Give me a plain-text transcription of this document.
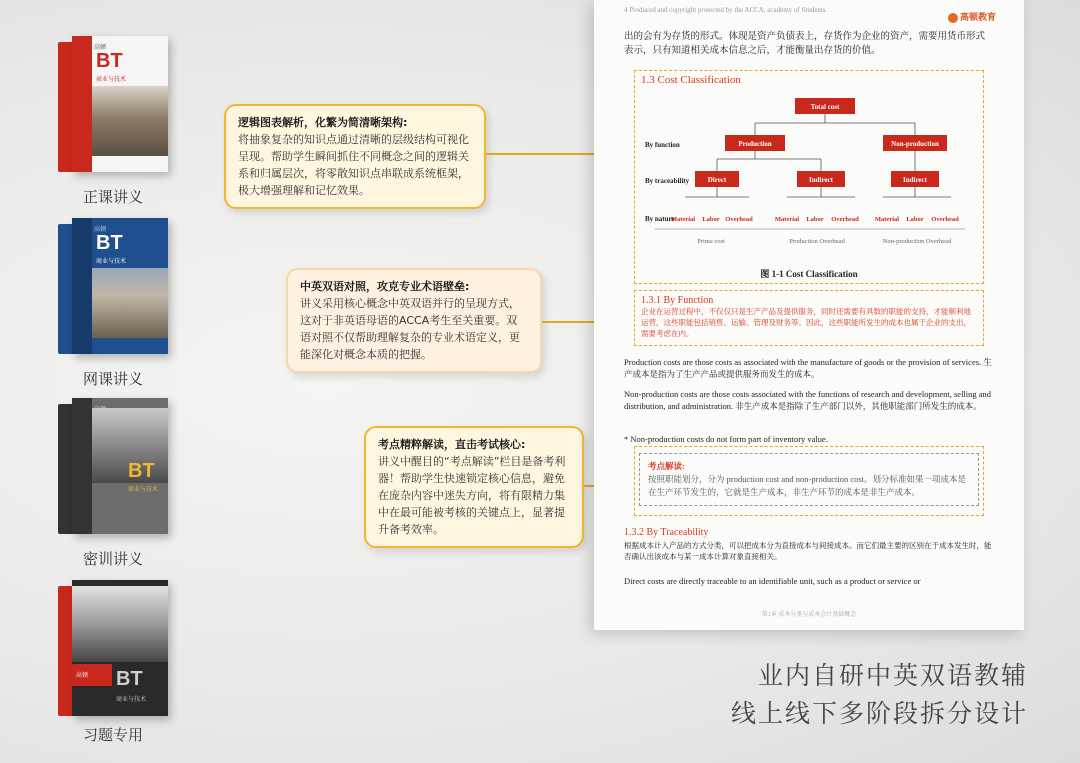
高顿
BT
商业与技术
正课讲义
高顿
BT
商业与技术
网课讲义
BT
商业与技术
密训讲义
高顿 BT
商业与技术
习题专用
逻辑图表解析，化繁为简清晰架构:
将抽象复杂的知识点通过清晰的层级结构可视化呈现。帮助学生瞬间抓住不同概念之间的逻辑关系和归属层次，将零散知识点串联成系统框架，极大增强理解和记忆效果。
中英双语对照，攻克专业术语壁垒:
讲义采用核心概念中英双语并行的呈现方式，这对于非英语母语的ACCA考生至关重要。双语对照不仅帮助理解复杂的专业术语定义，更能深化对概念本质的把握。
考点精粹解读，直击考试核心:
讲义中醒目的“考点解读”栏目是备考利器！帮助学生快速锁定核心信息，避免在庞杂内容中迷失方向，将有限精力集中在最可能被考核的关键点上，显著提升备考效率。
4 Produced and copyright protected by the ACCA, academy of Students
高顿教育
出的会有为存货的形式。体现是资产负债表上，存货作为企业的资产，需要用货币形式表示，只有知道相关成本信息之后，才能衡量出存货的价值。
1.3 Cost Classification
By function
By traceability
By nature
Total cost
Production	Non-production
Direct	Indirect	Indirect
Material Labor Overhead	Material Labor Overhead Material Labor Overhead
Prime cost	Production Overhead	Non-production Overhead
图 1-1 Cost Classification
1.3.1 By Function
企业在运营过程中，不仅仅只是生产产品及提供服务，同时还需要有具数的职能的支持，才能顺利地运营，这些职能包括销售、运输、管理及财务等。因此，这些职能所发生的成本也属于企业的支出，需要考虑在内。
Production costs are those costs as associated with the manufacture of goods or the provision of services. 生产成本是指为了生产产品或提供服务而发生的成本。
Non-production costs are those costs associated with the functions of research and development, selling and distribution, and administration. 非生产成本是指除了生产部门以外，其他职能部门所发生的成本。
* Non-production costs do not form part of inventory value.
考点解读:
按照职能划分，分为 production cost and non-production cost。划分标准如果一项成本是在生产环节发生的，它就是生产成本，非生产环节的成本是非生产成本。
1.3.2 By Traceability
根据成本计入产品的方式分类，可以把成本分为直接成本与间接成本。而它们最主要的区别在于成本发生时，能否确认出该成本与某一成本计算对象直接相关。
Direct costs are directly traceable to an identifiable unit, such as a product or service or
第1章 成本分类与成本会计基础概念
业内自研中英双语教辅
线上线下多阶段拆分设计
